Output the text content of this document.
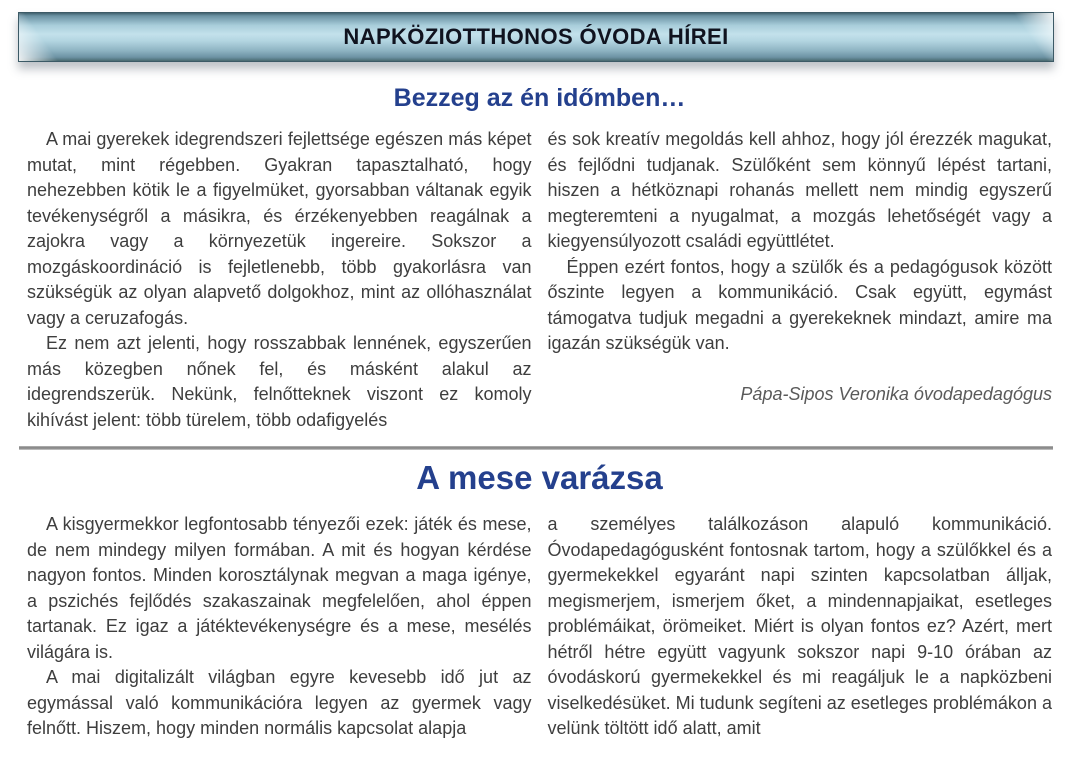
NAPKÖZIOTTHONOS ÓVODA HÍREI
Bezzeg az én időmben…

A mai gyerekek idegrendszeri fejlettsége egészen más képet mutat, mint régebben. Gyakran tapasztalható, hogy nehezebben kötik le a figyelmüket, gyorsabban váltanak egyik tevékenységről a másikra, és érzékenyebben reagálnak a zajokra vagy a környezetük ingereire. Sokszor a mozgáskoordináció is fejletlenebb, több gyakorlásra van szükségük az olyan alapvető dolgokhoz, mint az ollóhasználat vagy a ceruzafogás.

Ez nem azt jelenti, hogy rosszabbak lennének, egyszerűen más közegben nőnek fel, és másként alakul az idegrendszerük. Nekünk, felnőtteknek viszont ez komoly kihívást jelent: több türelem, több odafigyelés

és sok kreatív megoldás kell ahhoz, hogy jól érezzék magukat, és fejlődni tudjanak. Szülőként sem könnyű lépést tartani, hiszen a hétköznapi rohanás mellett nem mindig egyszerű megteremteni a nyugalmat, a mozgás lehetőségét vagy a kiegyensúlyozott családi együttlétet.

Éppen ezért fontos, hogy a szülők és a pedagógusok között őszinte legyen a kommunikáció. Csak együtt, egymást támogatva tudjuk megadni a gyerekeknek mindazt, amire ma igazán szükségük van.

Pápa-Sipos Veronika óvodapedagógus

A mese varázsa

A kisgyermekkor legfontosabb tényezői ezek: játék és mese, de nem mindegy milyen formában. A mit és hogyan kérdése nagyon fontos. Minden korosztálynak megvan a maga igénye, a pszichés fejlődés szakaszainak megfelelően, ahol éppen tartanak. Ez igaz a játéktevékenységre és a mese, mesélés világára is.

A mai digitalizált világban egyre kevesebb idő jut az egymással való kommunikációra legyen az gyermek vagy felnőtt. Hiszem, hogy minden normális kapcsolat alapja

a személyes találkozáson alapuló kommunikáció. Óvodapedagógusként fontosnak tartom, hogy a szülőkkel és a gyermekekkel egyaránt napi szinten kapcsolatban álljak, megismerjem, ismerjem őket, a mindennapjaikat, esetleges problémáikat, örömeiket. Miért is olyan fontos ez? Azért, mert hétről hétre együtt vagyunk sokszor napi 9-10 órában az óvodáskorú gyermekekkel és mi reagáljuk le a napközbeni viselkedésüket. Mi tudunk segíteni az esetleges problémákon a velünk töltött idő alatt, amit
